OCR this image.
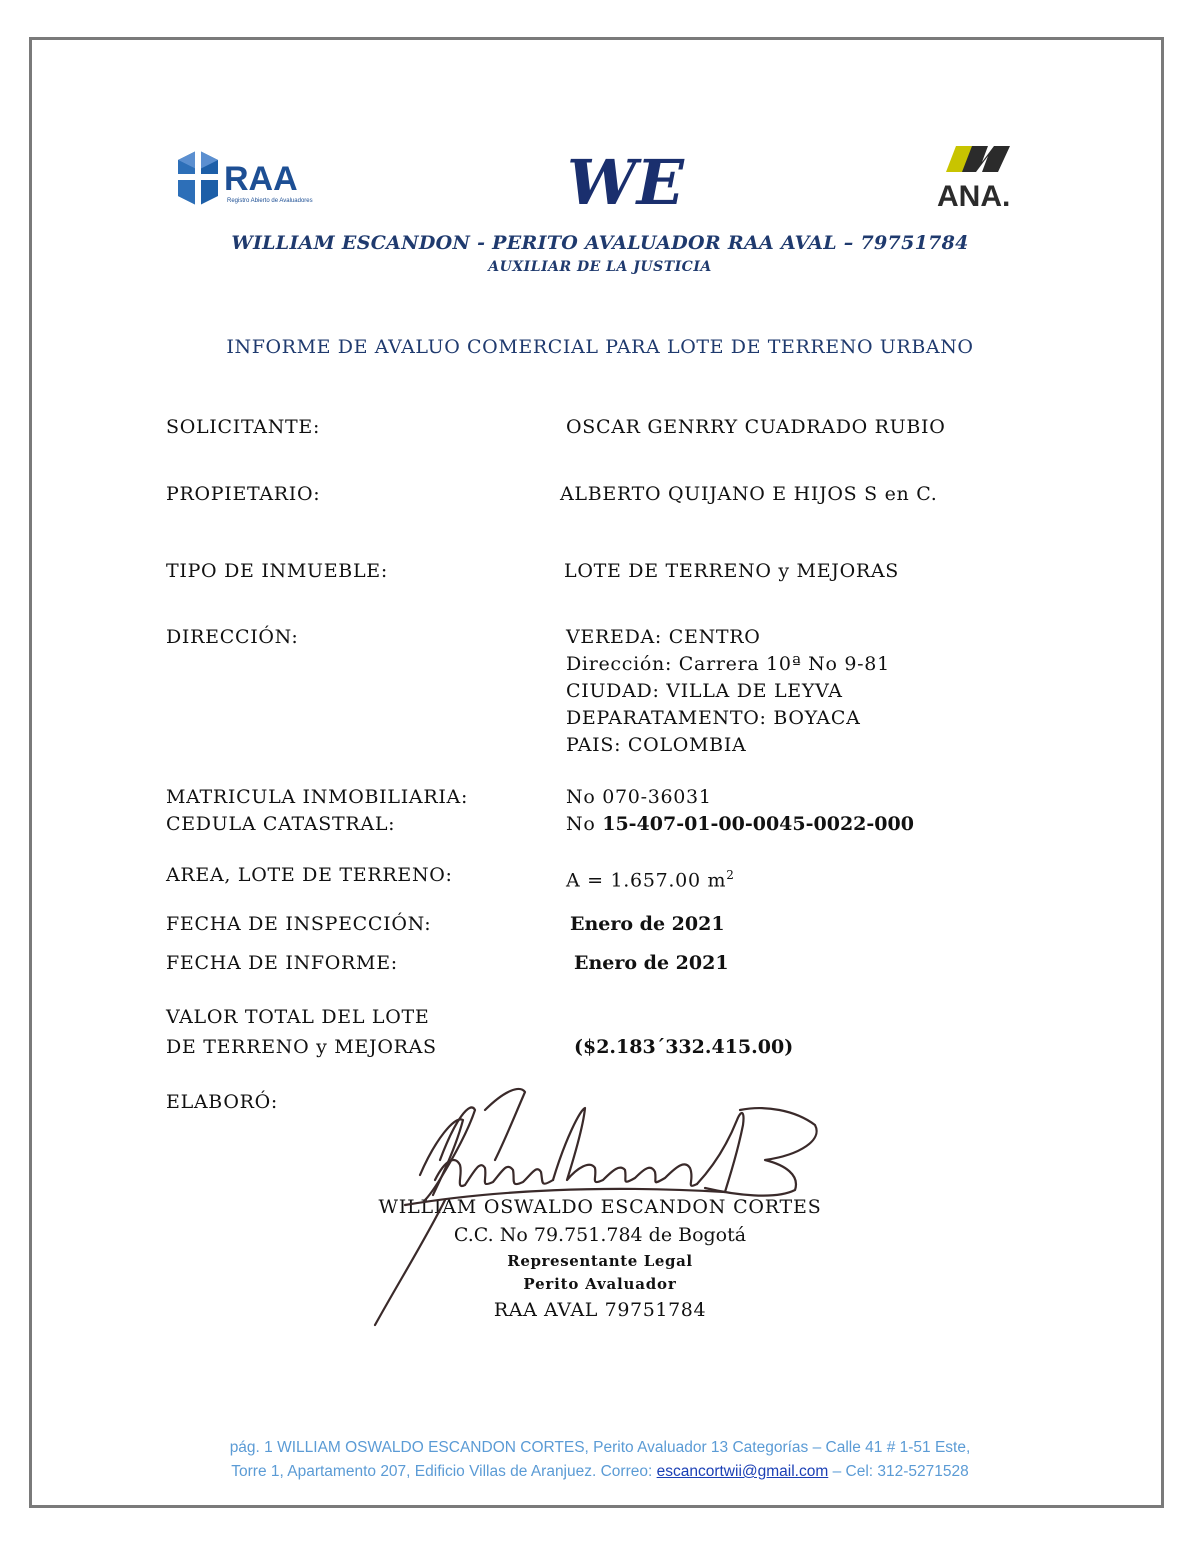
RAA
Registro Abierto de Avaluadores	WE	ANA.
WILLIAM ESCANDON - PERITO AVALUADOR RAA AVAL – 79751784
AUXILIAR DE LA JUSTICIA
INFORME DE AVALUO COMERCIAL PARA LOTE DE TERRENO URBANO
SOLICITANTE:	OSCAR GENRRY CUADRADO RUBIO
PROPIETARIO:	ALBERTO QUIJANO E HIJOS S en C.
TIPO DE INMUEBLE:	LOTE DE TERRENO y MEJORAS
DIRECCIÓN:	VEREDA: CENTRO
Dirección: Carrera 10ª No 9-81
CIUDAD: VILLA DE LEYVA
DEPARATAMENTO: BOYACA
PAIS: COLOMBIA
MATRICULA INMOBILIARIA:	No 070-36031
CEDULA CATASTRAL:	No 15-407-01-00-0045-0022-000
AREA, LOTE DE TERRENO:	A = 1.657.00 $m^2$
FECHA DE INSPECCIÓN:	Enero de 2021
FECHA DE INFORME:	Enero de 2021
VALOR TOTAL DEL LOTE
DE TERRENO y MEJORAS	($2.183´332.415.00)
ELABORÓ:
WILLIAM OSWALDO ESCANDON CORTES
C.C. No 79.751.784 de Bogotá
Representante Legal
Perito Avaluador
RAA AVAL 79751784
pág. 1 WILLIAM OSWALDO ESCANDON CORTES, Perito Avaluador 13 Categorías – Calle 41 # 1-51 Este,
Torre 1, Apartamento 207, Edificio Villas de Aranjuez. Correo: escancortwii@gmail.com – Cel: 312-5271528
